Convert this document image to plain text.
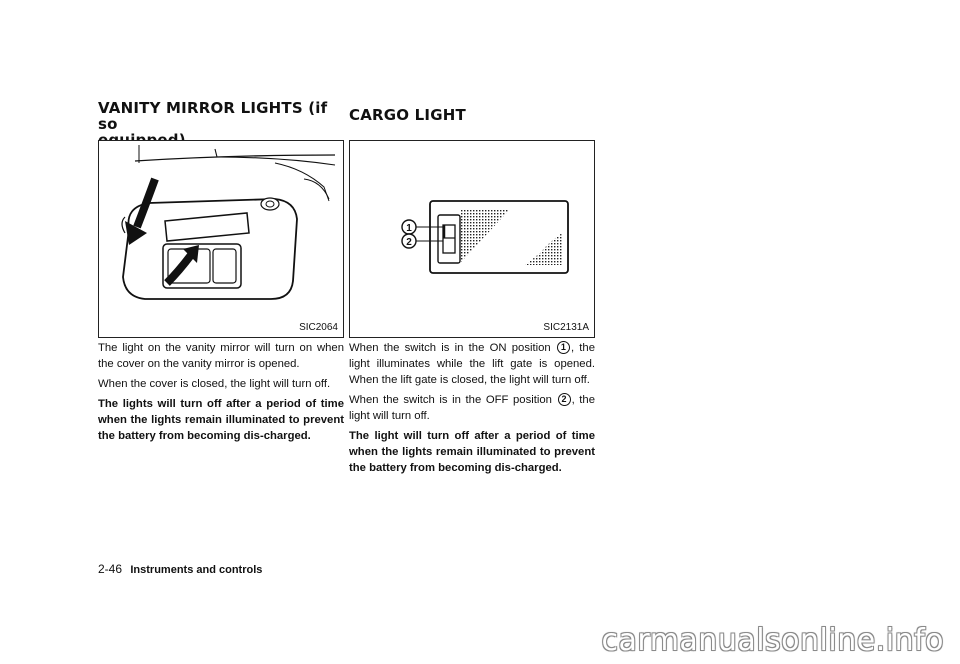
VANITY MIRROR LIGHTS (if so

SIC2064

The light on the vanity mirror will turn on when the cover on the vanity mirror is opened.

When the cover is closed, the light will turn off.

The lights will turn off after a period of time when the lights remain illuminated to prevent the battery from becoming dis-charged.

CARGO LIGHT
1
2
SIC2131A

When the switch is in the ON position 1 , the light illuminates while the lift gate is opened. When the lift gate is closed, the light will turn off.

When the switch is in the OFF position 2 , the light will turn off.

The light will turn off after a period of time when the lights remain illuminated to prevent the battery from becoming dis-charged.

2-46 Instruments and controls
carmanualsonline.info
